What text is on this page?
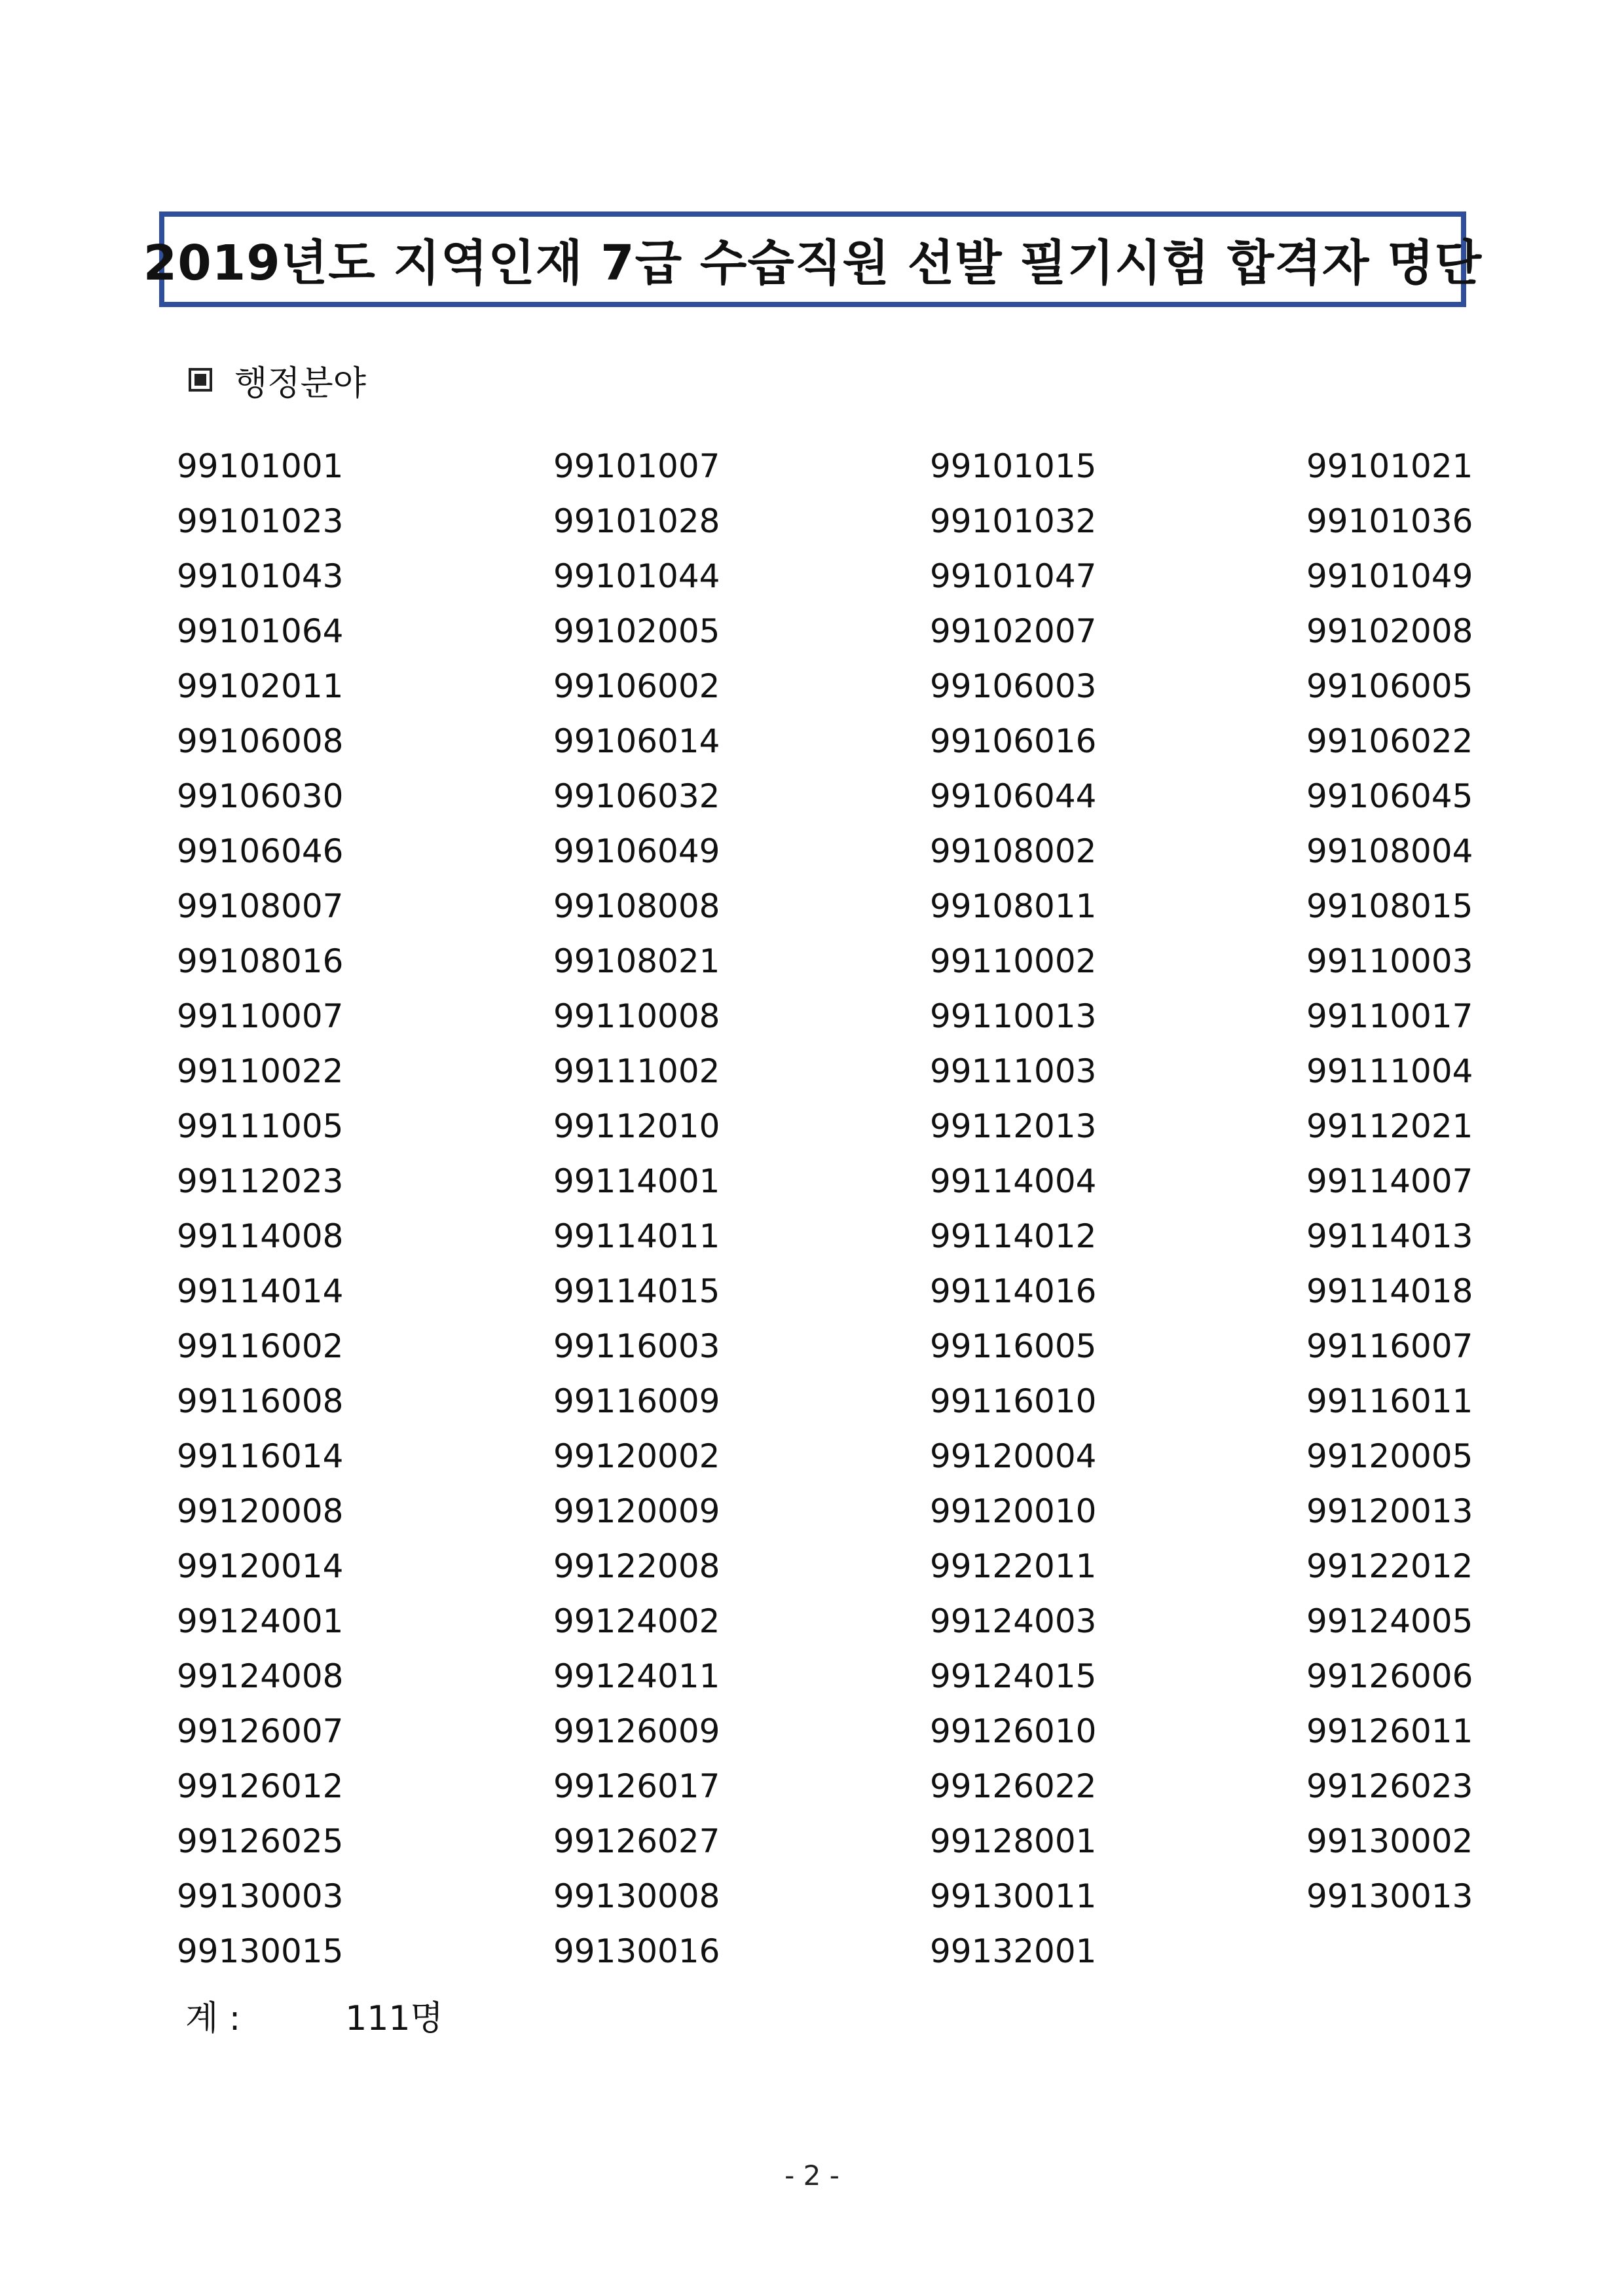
2019년도 지역인재 7급 수습직원 선발 필기시험 합격자 명단
행정분야
99101001	99101007	99101015	99101021
99101023	99101028	99101032	99101036
99101043	99101044	99101047	99101049
99101064	99102005	99102007	99102008
99102011	99106002	99106003	99106005
99106008	99106014	99106016	99106022
99106030	99106032	99106044	99106045
99106046	99106049	99108002	99108004
99108007	99108008	99108011	99108015
99108016	99108021	99110002	99110003
99110007	99110008	99110013	99110017
99110022	99111002	99111003	99111004
99111005	99112010	99112013	99112021
99112023	99114001	99114004	99114007
99114008	99114011	99114012	99114013
99114014	99114015	99114016	99114018
99116002	99116003	99116005	99116007
99116008	99116009	99116010	99116011
99116014	99120002	99120004	99120005
99120008	99120009	99120010	99120013
99120014	99122008	99122011	99122012
99124001	99124002	99124003	99124005
99124008	99124011	99124015	99126006
99126007	99126009	99126010	99126011
99126012	99126017	99126022	99126023
99126025	99126027	99128001	99130002
99130003	99130008	99130011	99130013
99130015	99130016	99132001
계 :	111명
- 2 -
